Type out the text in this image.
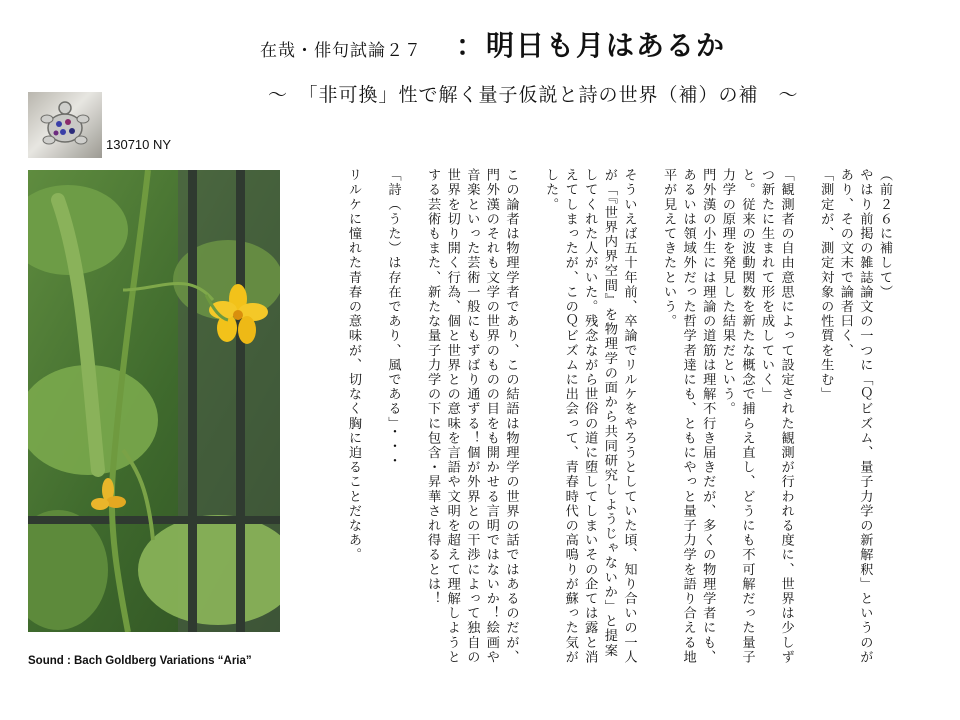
在哉・俳句試論２７ ：明日も月はあるか
～　「非可換」性で解く量子仮説と詩の世界（補）の補　～
130710 NY
Sound : Bach Goldberg Variations “Aria”

（前２６に補して）

やはり前掲の雑誌論文の一つに「Ｑビズム、量子力学の新解釈」というのがあり、その文末で論者曰く、

「測定が、測定対象の性質を生む」

「観測者の自由意思によって設定された観測が行われる度に、世界は少しずつ新たに生まれて形を成していく」

と。従来の波動関数を新たな概念で捕らえ直し、どうにも不可解だった量子力学の原理を発見した結果だという。

門外漢の小生には理論の道筋は理解不行き届きだが、多くの物理学者にも、あるいは領域外だった哲学者達にも、ともにやっと量子力学を語り合える地平が見えてきたという。

そういえば五十年前、卒論でリルケをやろうとしていた頃、知り合いの一人が「『世界内界空間』を物理学の面から共同研究しようじゃないか」と提案してくれた人がいた。残念ながら世俗の道に堕してしまいその企ては露と消えてしまったが、このＱビズムに出会って、青春時代の高鳴りが蘇った気がした。

この論者は物理学者であり、この結語は物理学の世界の話ではあるのだが、門外漢のそれも文学の世界のものの目をも開かせる言明ではないか！絵画や音楽といった芸術一般にもずばり通ずる！個が外界との干渉によって独自の世界を切り開く行為、個と世界との意味を言語や文明を超えて理解しようとする芸術もまた、新たな量子力学の下に包含・昇華され得るとは！

「詩（うた）は存在であり、風である」・・・

リルケに憧れた青春の意味が、切なく胸に迫ることだなあ。
